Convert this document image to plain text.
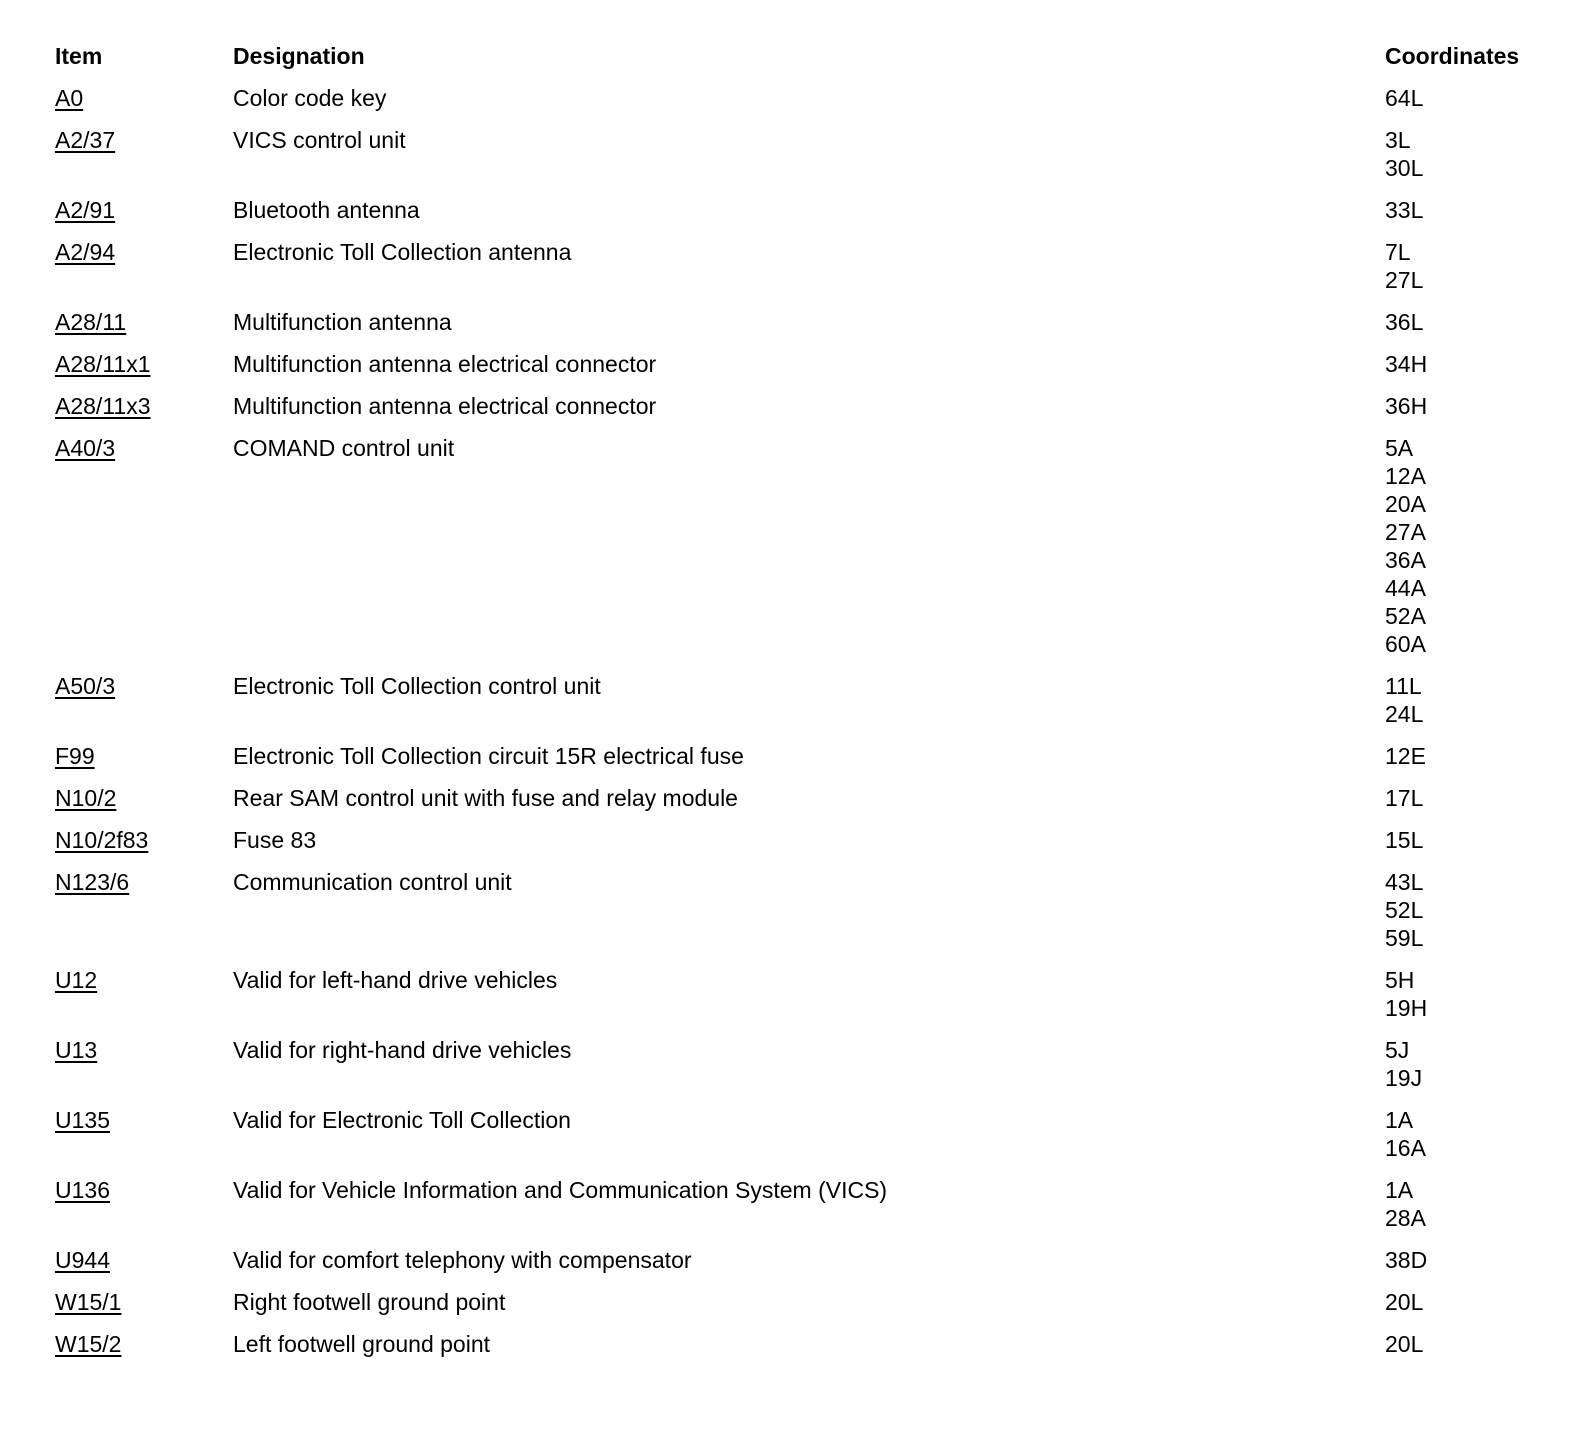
Item	Designation	Coordinates
A0	Color code key	64L
A2/37	VICS control unit	3L
30L
A2/91	Bluetooth antenna	33L
A2/94	Electronic Toll Collection antenna	7L
27L
A28/11	Multifunction antenna	36L
A28/11x1	Multifunction antenna electrical connector	34H
A28/11x3	Multifunction antenna electrical connector	36H
A40/3	COMAND control unit	5A
12A
20A
27A
36A
44A
52A
60A
A50/3	Electronic Toll Collection control unit	11L
24L
F99	Electronic Toll Collection circuit 15R electrical fuse	12E
N10/2	Rear SAM control unit with fuse and relay module	17L
N10/2f83	Fuse 83	15L
N123/6	Communication control unit	43L
52L
59L
U12	Valid for left-hand drive vehicles	5H
19H
U13	Valid for right-hand drive vehicles	5J
19J
U135	Valid for Electronic Toll Collection	1A
16A
U136	Valid for Vehicle Information and Communication System (VICS)	1A
28A
U944	Valid for comfort telephony with compensator	38D
W15/1	Right footwell ground point	20L
W15/2	Left footwell ground point	20L
